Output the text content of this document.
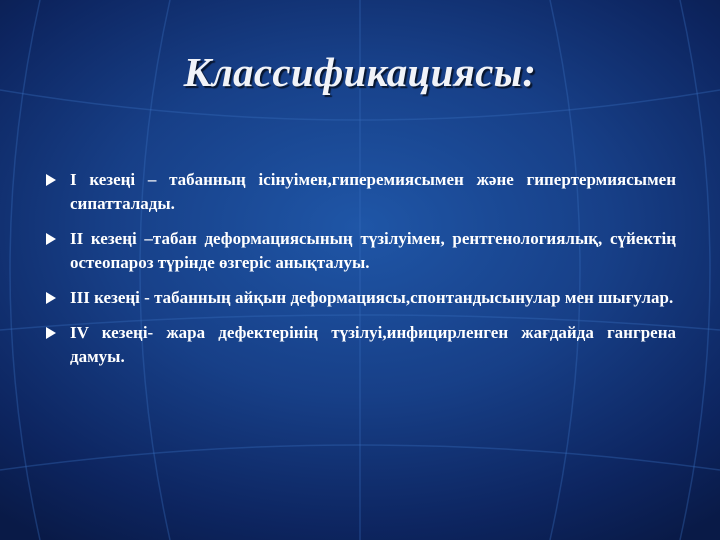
Классификациясы:
I кезеңі – табанның ісінуімен,гиперемиясымен және гипертермиясымен сипатталады.
II кезеңі –табан деформациясының түзілуімен, рентгенологиялық, сүйектің остеопароз түрінде өзгеріс анықталуы.
III кезеңі - табанның айқын деформациясы,спонтандысынулар мен шығулар.
IV кезеңі- жара дефектерінің түзілуі,инфицирленген жағдайда гангрена дамуы.
